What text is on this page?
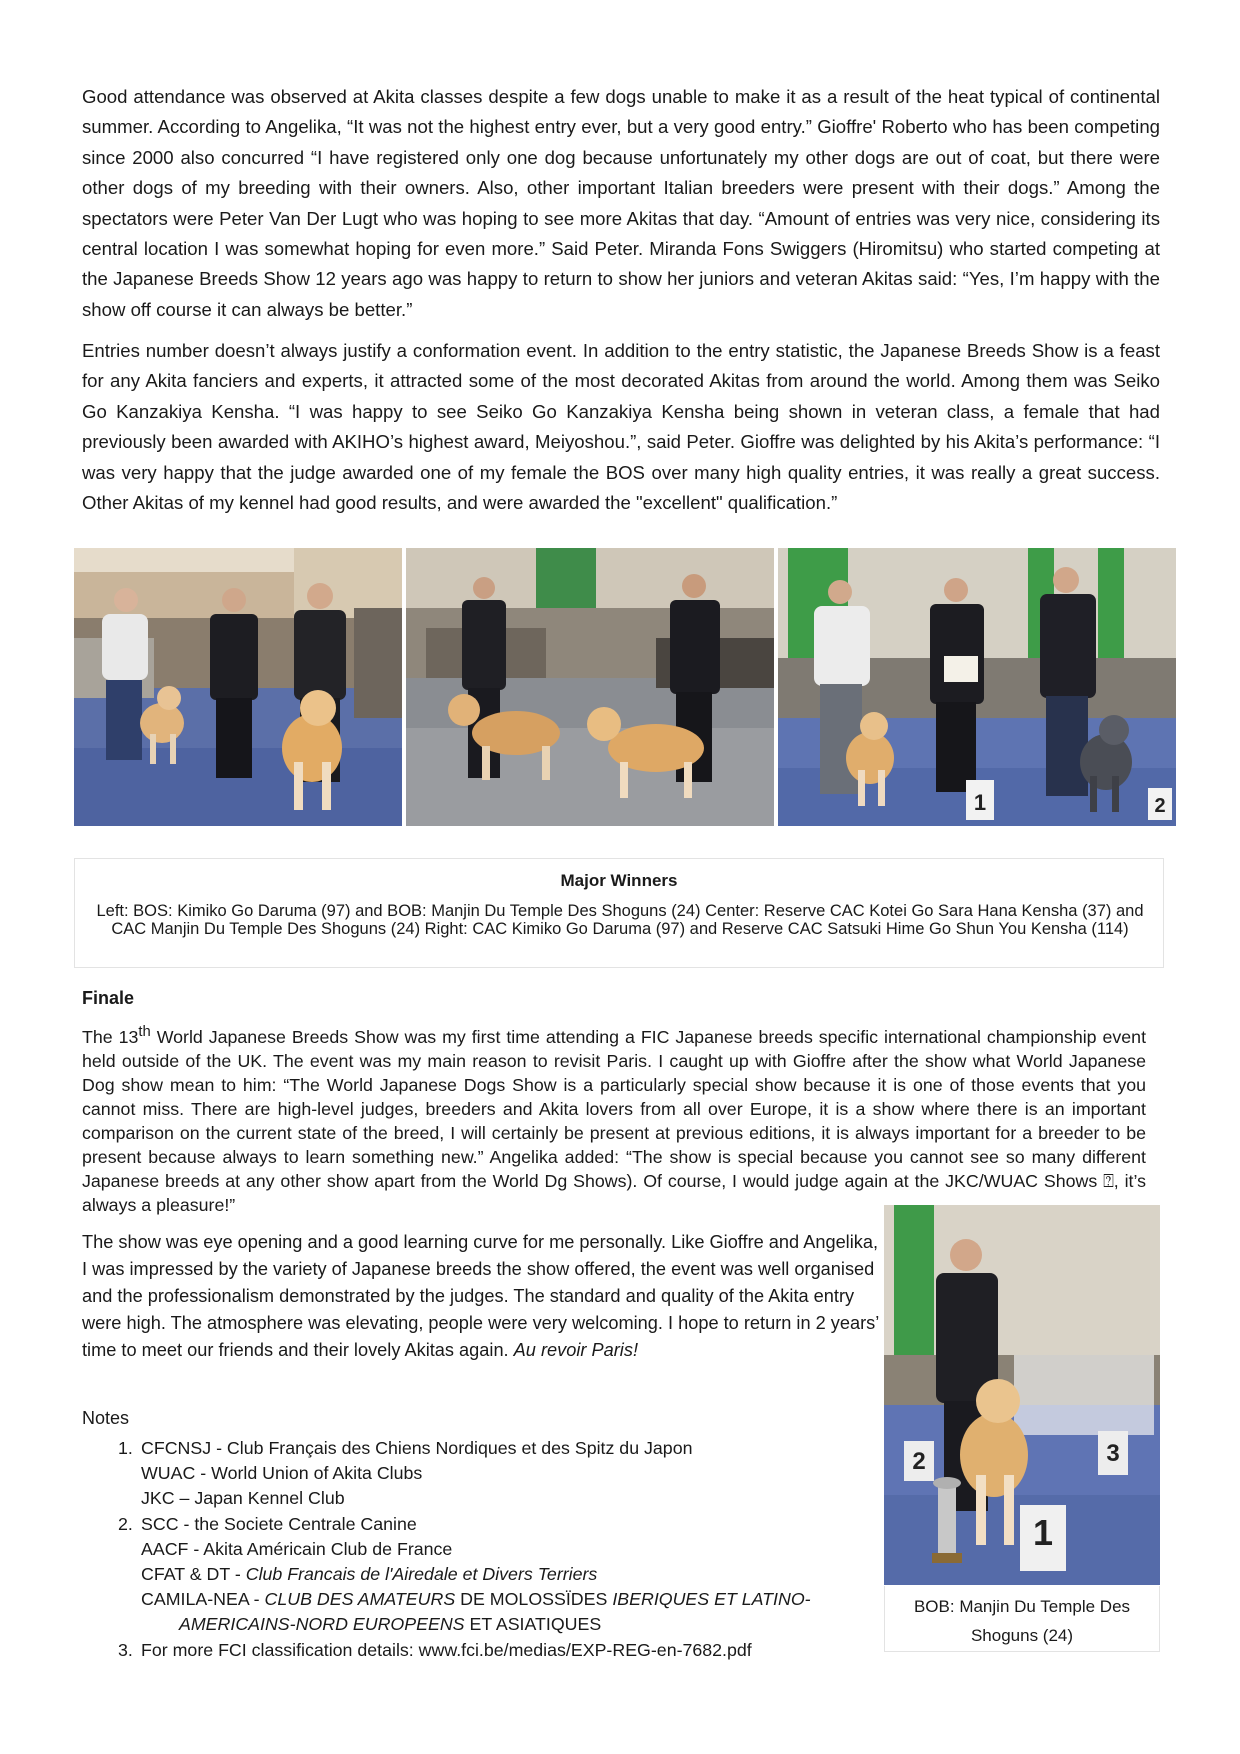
Good attendance was observed at Akita classes despite a few dogs unable to make it as a result of the heat typical of continental summer. According to Angelika, “It was not the highest entry ever, but a very good entry.” Gioffre' Roberto who has been competing since 2000 also concurred “I have registered only one dog because unfortunately my other dogs are out of coat, but there were other dogs of my breeding with their owners. Also, other important Italian breeders were present with their dogs.” Among the spectators were Peter Van Der Lugt who was hoping to see more Akitas that day. “Amount of entries was very nice, considering its central location I was somewhat hoping for even more.” Said Peter. Miranda Fons Swiggers (Hiromitsu) who started competing at the Japanese Breeds Show 12 years ago was happy to return to show her juniors and veteran Akitas said: “Yes, I’m happy with the show off course it can always be better.”

Entries number doesn’t always justify a conformation event. In addition to the entry statistic, the Japanese Breeds Show is a feast for any Akita fanciers and experts, it attracted some of the most decorated Akitas from around the world. Among them was Seiko Go Kanzakiya Kensha. “I was happy to see Seiko Go Kanzakiya Kensha being shown in veteran class, a female that had previously been awarded with AKIHO’s highest award, Meiyoshou.”, said Peter. Gioffre was delighted by his Akita’s performance: “I was very happy that the judge awarded one of my female the BOS over many high quality entries, it was really a great success. Other Akitas of my kennel had good results, and were awarded the "excellent" qualification.”

1	2
Major Winners
Left: BOS: Kimiko Go Daruma (97) and BOB: Manjin Du Temple Des Shoguns (24) Center: Reserve CAC Kotei Go Sara Hana Kensha (37) and CAC Manjin Du Temple Des Shoguns (24) Right: CAC Kimiko Go Daruma (97) and Reserve CAC Satsuki Hime Go Shun You Kensha (114)
Finale

The 13th World Japanese Breeds Show was my first time attending a FIC Japanese breeds specific international championship event held outside of the UK. The event was my main reason to revisit Paris. I caught up with Gioffre after the show what World Japanese Dog show mean to him: “The World Japanese Dogs Show is a particularly special show because it is one of those events that you cannot miss. There are high-level judges, breeders and Akita lovers from all over Europe, it is a show where there is an important comparison on the current state of the breed, I will certainly be present at previous editions, it is always important for a breeder to be present because always to learn something new.” Angelika added: “The show is special because you cannot see so many different Japanese breeds at any other show apart from the World Dg Shows). Of course, I would judge again at the JKC/WUAC Shows ⍰, it’s always a pleasure!”

The show was eye opening and a good learning curve for me personally. Like Gioffre and Angelika, I was impressed by the variety of Japanese breeds the show offered, the event was well organised and the professionalism demonstrated by the judges. The standard and quality of the Akita entry were high. The atmosphere was elevating, people were very welcoming. I hope to return in 2 years’ time to meet our friends and their lovely Akitas again. Au revoir Paris!

Notes
1. CFCNSJ - Club Français des Chiens Nordiques et des Spitz du Japon
WUAC - World Union of Akita Clubs
JKC – Japan Kennel Club
2. SCC - the Societe Centrale Canine
AACF - Akita Américain Club de France
CFAT & DT - Club Francais de l'Airedale et Divers Terriers
CAMILA-NEA - CLUB DES AMATEURS DE MOLOSSÏDES IBERIQUES ET LATINO-
AMERICAINS-NORD EUROPEENS ET ASIATIQUES
3. For more FCI classification details: www.fci.be/medias/EXP-REG-en-7682.pdf
1
2	3
BOB: Manjin Du Temple Des Shoguns (24)
